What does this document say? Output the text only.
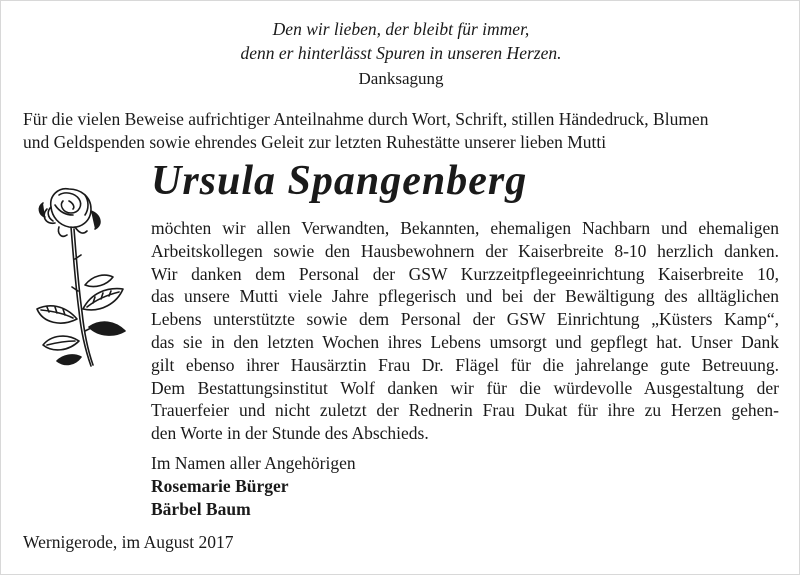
Den wir lieben, der bleibt für immer,
denn er hinterlässt Spuren in unseren Herzen.
Danksagung
Für die vielen Beweise aufrichtiger Anteilnahme durch Wort, Schrift, stillen Händedruck, Blumen
und Geldspenden sowie ehrendes Geleit zur letzten Ruhestätte unserer lieben Mutti
Ursula Spangenberg
möchten wir allen Verwandten, Bekannten, ehemaligen Nachbarn und ehemaligen
Arbeitskollegen sowie den Hausbewohnern der Kaiserbreite 8-10 herzlich danken.
Wir danken dem Personal der GSW Kurzzeitpflegeeinrichtung Kaiserbreite 10,
das unsere Mutti viele Jahre pflegerisch und bei der Bewältigung des alltäglichen
Lebens unterstützte sowie dem Personal der GSW Einrichtung „Küsters Kamp“,
das sie in den letzten Wochen ihres Lebens umsorgt und gepflegt hat. Unser Dank
gilt ebenso ihrer Hausärztin Frau Dr. Flägel für die jahrelange gute Betreuung.
Dem Bestattungsinstitut Wolf danken wir für die würdevolle Ausgestaltung der
Trauerfeier und nicht zuletzt der Rednerin Frau Dukat für ihre zu Herzen gehen-
den Worte in der Stunde des Abschieds.
Im Namen aller Angehörigen
Rosemarie Bürger
Bärbel Baum
Wernigerode, im August 2017
